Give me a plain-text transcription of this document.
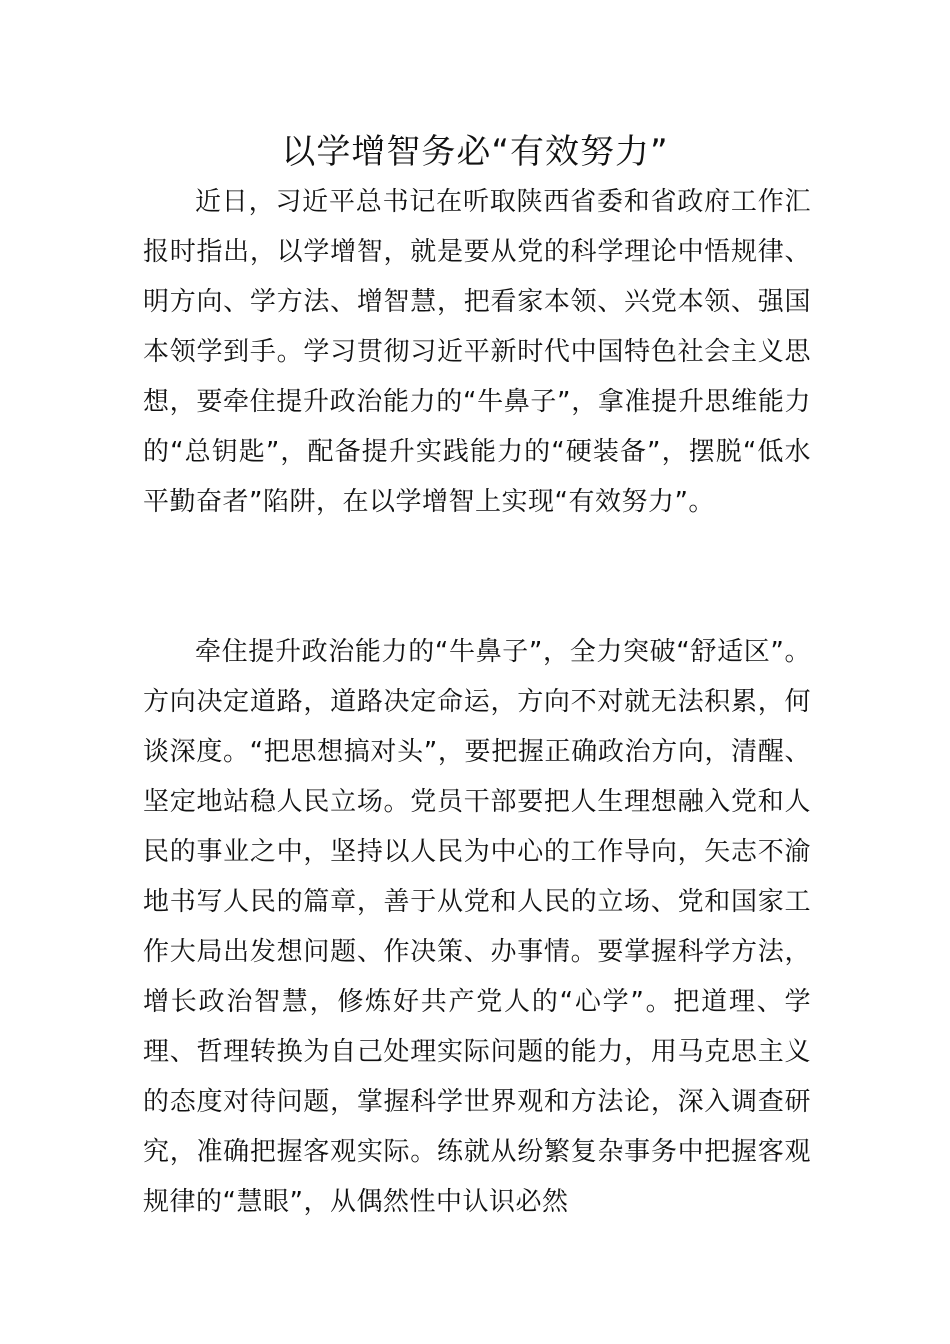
以学增智务必“有效努力”

近日，习近平总书记在听取陕西省委和省政府工作汇报时指出，以学增智，就是要从党的科学理论中悟规律、明方向、学方法、增智慧，把看家本领、兴党本领、强国本领学到手。学习贯彻习近平新时代中国特色社会主义思想，要牵住提升政治能力的“牛鼻子”，拿准提升思维能力的“总钥匙”，配备提升实践能力的“硬装备”，摆脱“低水平勤奋者”陷阱，在以学增智上实现“有效努力”。

牵住提升政治能力的“牛鼻子”，全力突破“舒适区”。方向决定道路，道路决定命运，方向不对就无法积累，何谈深度。“把思想搞对头”，要把握正确政治方向，清醒、坚定地站稳人民立场。党员干部要把人生理想融入党和人民的事业之中，坚持以人民为中心的工作导向，矢志不渝地书写人民的篇章，善于从党和人民的立场、党和国家工作大局出发想问题、作决策、办事情。要掌握科学方法，增长政治智慧，修炼好共产党人的“心学”。把道理、学理、哲理转换为自己处理实际问题的能力，用马克思主义的态度对待问题，掌握科学世界观和方法论，深入调查研究，准确把握客观实际。练就从纷繁复杂事务中把握客观规律的“慧眼”，从偶然性中认识必然
